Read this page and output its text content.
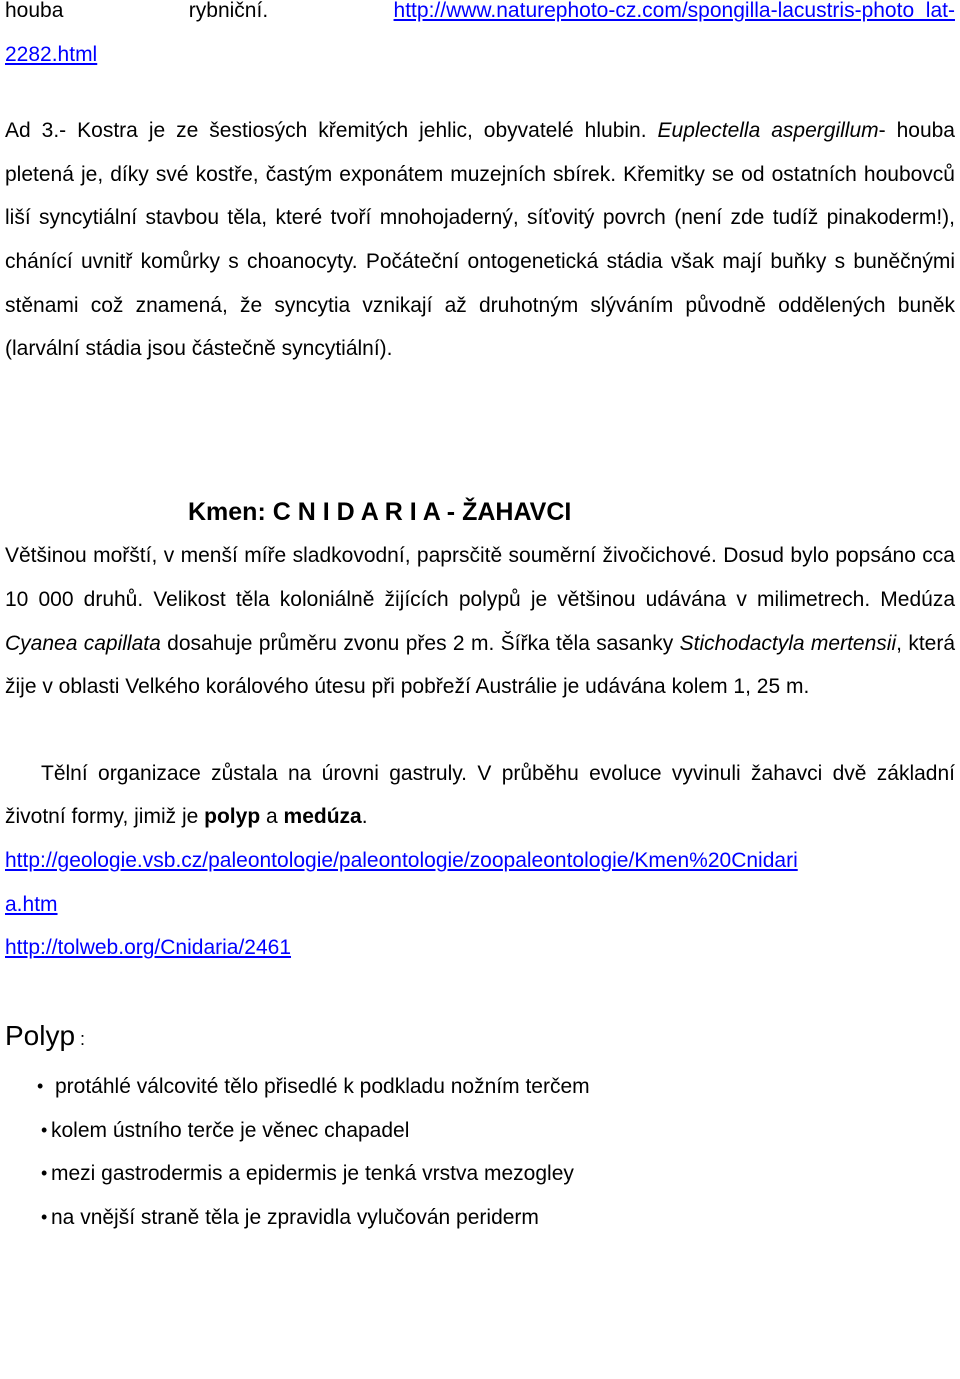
houba rybniční.	http://www.naturephoto-cz.com/spongilla-lacustris-photo_lat-

2282.html

Ad 3.- Kostra je ze šestiosých křemitých jehlic, obyvatelé hlubin. Euplectella aspergillum- houba pletená je, díky své kostře, častým exponátem muzejních sbírek. Křemitky se od ostatních houbovců liší syncytiální stavbou těla, které tvoří mnohojaderný, síťovitý povrch (není zde tudíž pinakoderm!), chánící uvnitř komůrky s choanocyty. Počáteční ontogenetická stádia však mají buňky s buněčnými stěnami což znamená, že syncytia vznikají až druhotným slýváním původně oddělených buněk (larvální stádia jsou částečně syncytiální).

Kmen: C N I D A R I A - ŽAHAVCI

Většinou mořští, v menší míře sladkovodní, paprsčitě souměrní živočichové. Dosud bylo popsáno cca 10 000 druhů. Velikost těla koloniálně žijících polypů je většinou udávána v milimetrech. Medúza Cyanea capillata dosahuje průměru zvonu přes 2 m. Šířka těla sasanky Stichodactyla mertensii, která žije v oblasti Velkého korálového útesu při pobřeží Austrálie je udávána kolem 1, 25 m.

Tělní organizace zůstala na úrovni gastruly. V průběhu evoluce vyvinuli žahavci dvě základní životní formy, jimiž je polyp a medúza.

http://geologie.vsb.cz/paleontologie/paleontologie/zoopaleontologie/Kmen%20Cnidari

a.htm

http://tolweb.org/Cnidaria/2461

Polyp :

• protáhlé válcovité tělo přisedlé k podkladu nožním terčem
• kolem ústního terče je věnec chapadel
• mezi gastrodermis a epidermis je tenká vrstva mezogley
• na vnější straně těla je zpravidla vylučován periderm
